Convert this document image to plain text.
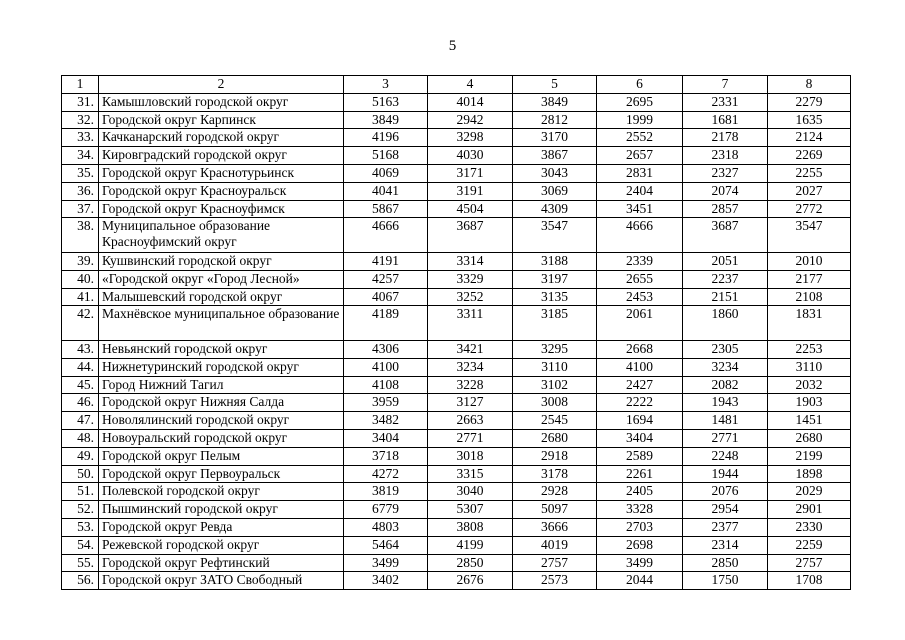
5
1	2	3	4	5	6	7	8
31.	Камышловский городской округ	5163	4014	3849	2695	2331	2279
32.	Городской округ Карпинск	3849	2942	2812	1999	1681	1635
33.	Качканарский городской округ	4196	3298	3170	2552	2178	2124
34.	Кировградский городской округ	5168	4030	3867	2657	2318	2269
35.	Городской округ Краснотурьинск	4069	3171	3043	2831	2327	2255
36.	Городской округ Красноуральск	4041	3191	3069	2404	2074	2027
37.	Городской округ Красноуфимск	5867	4504	4309	3451	2857	2772
38.	Муниципальное образование Красноуфимский округ	4666	3687	3547	4666	3687	3547
39.	Кушвинский городской округ	4191	3314	3188	2339	2051	2010
40.	«Городской округ «Город Лесной»	4257	3329	3197	2655	2237	2177
41.	Малышевский городской округ	4067	3252	3135	2453	2151	2108
42.	Махнёвское муниципальное образование	4189	3311	3185	2061	1860	1831
43.	Невьянский городской округ	4306	3421	3295	2668	2305	2253
44.	Нижнетуринский городской округ	4100	3234	3110	4100	3234	3110
45.	Город Нижний Тагил	4108	3228	3102	2427	2082	2032
46.	Городской округ Нижняя Салда	3959	3127	3008	2222	1943	1903
47.	Новолялинский городской округ	3482	2663	2545	1694	1481	1451
48.	Новоуральский городской округ	3404	2771	2680	3404	2771	2680
49.	Городской округ Пелым	3718	3018	2918	2589	2248	2199
50.	Городской округ Первоуральск	4272	3315	3178	2261	1944	1898
51.	Полевской городской округ	3819	3040	2928	2405	2076	2029
52.	Пышминский городской округ	6779	5307	5097	3328	2954	2901
53.	Городской округ Ревда	4803	3808	3666	2703	2377	2330
54.	Режевской городской округ	5464	4199	4019	2698	2314	2259
55.	Городской округ Рефтинский	3499	2850	2757	3499	2850	2757
56.	Городской округ ЗАТО Свободный	3402	2676	2573	2044	1750	1708
